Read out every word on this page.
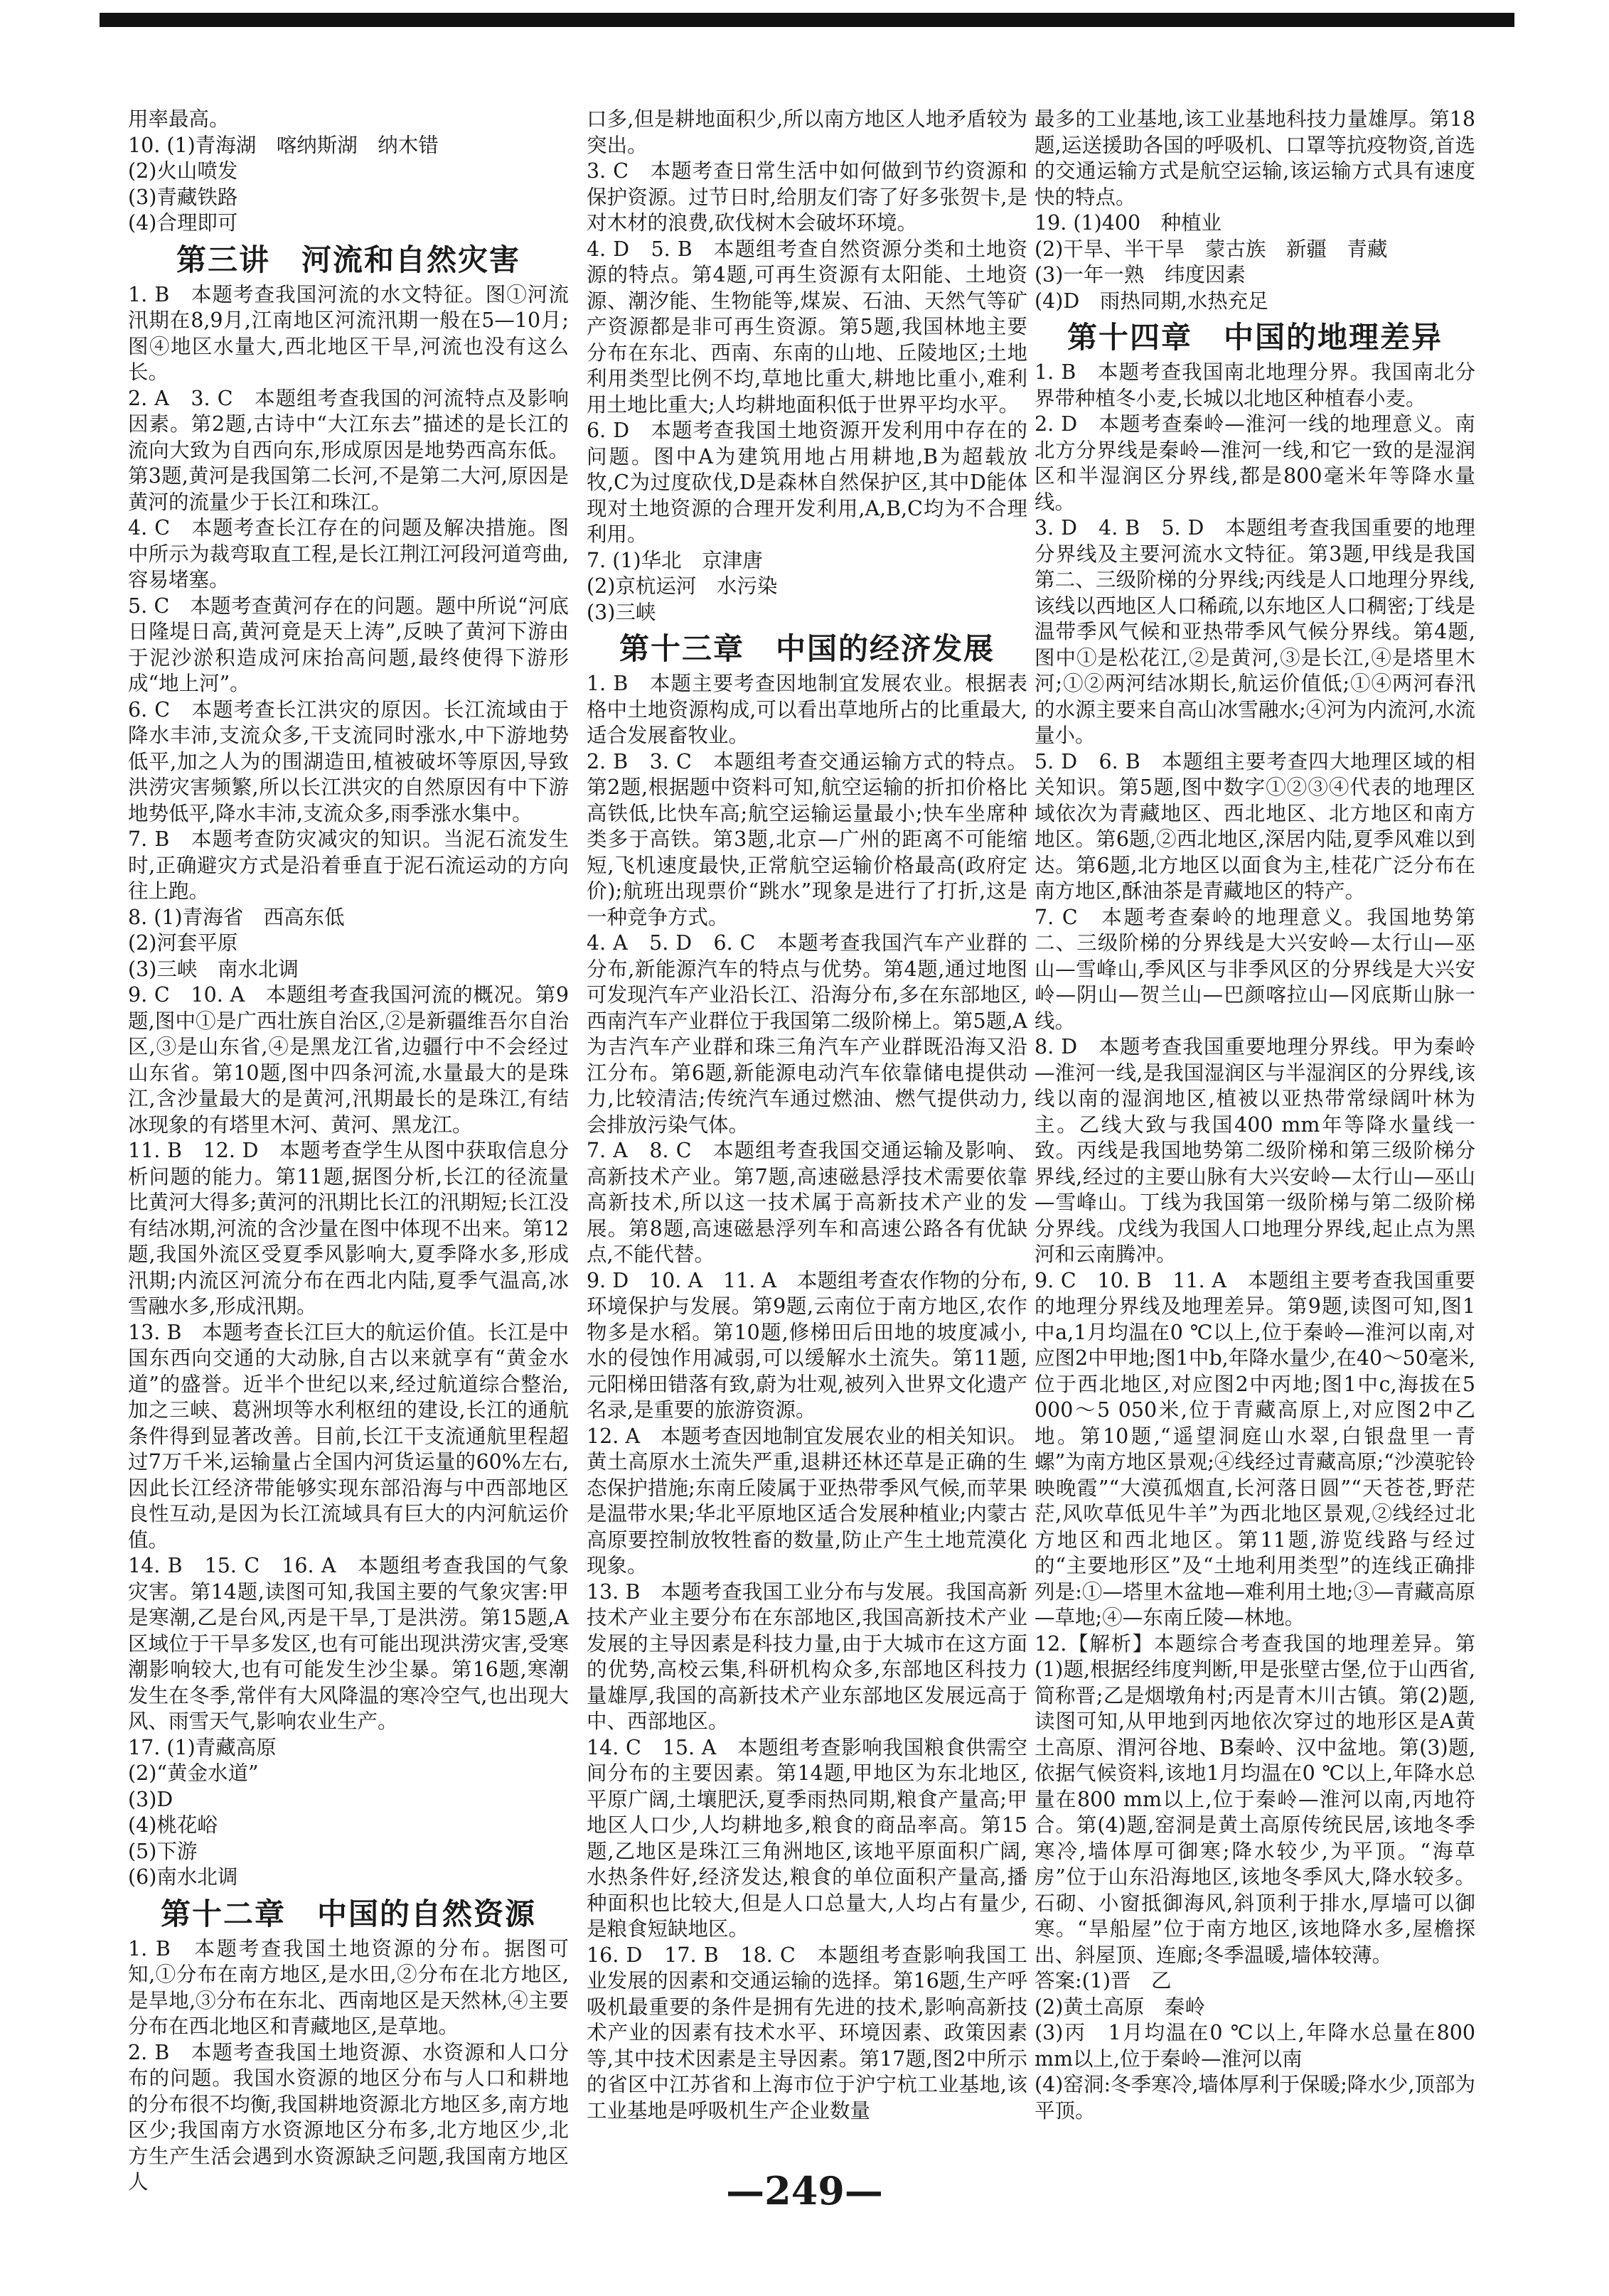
用率最高。

10. (1)青海湖　喀纳斯湖　纳木错

(2)火山喷发

(3)青藏铁路

(4)合理即可

第三讲　河流和自然灾害

1. B　本题考查我国河流的水文特征。图①河流汛期在8,9月,江南地区河流汛期一般在5—10月;图④地区水量大,西北地区干旱,河流也没有这么长。

2. A　3. C　本题组考查我国的河流特点及影响因素。第2题,古诗中“大江东去”描述的是长江的流向大致为自西向东,形成原因是地势西高东低。第3题,黄河是我国第二长河,不是第二大河,原因是黄河的流量少于长江和珠江。

4. C　本题考查长江存在的问题及解决措施。图中所示为裁弯取直工程,是长江荆江河段河道弯曲,容易堵塞。

5. C　本题考查黄河存在的问题。题中所说“河底日隆堤日高,黄河竟是天上涛”,反映了黄河下游由于泥沙淤积造成河床抬高问题,最终使得下游形成“地上河”。

6. C　本题考查长江洪灾的原因。长江流域由于降水丰沛,支流众多,干支流同时涨水,中下游地势低平,加之人为的围湖造田,植被破坏等原因,导致洪涝灾害频繁,所以长江洪灾的自然原因有中下游地势低平,降水丰沛,支流众多,雨季涨水集中。

7. B　本题考查防灾减灾的知识。当泥石流发生时,正确避灾方式是沿着垂直于泥石流运动的方向往上跑。

8. (1)青海省　西高东低

(2)河套平原

(3)三峡　南水北调

9. C　10. A　本题组考查我国河流的概况。第9题,图中①是广西壮族自治区,②是新疆维吾尔自治区,③是山东省,④是黑龙江省,边疆行中不会经过山东省。第10题,图中四条河流,水量最大的是珠江,含沙量最大的是黄河,汛期最长的是珠江,有结冰现象的有塔里木河、黄河、黑龙江。

11. B　12. D　本题考查学生从图中获取信息分析问题的能力。第11题,据图分析,长江的径流量比黄河大得多;黄河的汛期比长江的汛期短;长江没有结冰期,河流的含沙量在图中体现不出来。第12题,我国外流区受夏季风影响大,夏季降水多,形成汛期;内流区河流分布在西北内陆,夏季气温高,冰雪融水多,形成汛期。

13. B　本题考查长江巨大的航运价值。长江是中国东西向交通的大动脉,自古以来就享有“黄金水道”的盛誉。近半个世纪以来,经过航道综合整治,加之三峡、葛洲坝等水利枢纽的建设,长江的通航条件得到显著改善。目前,长江干支流通航里程超过7万千米,运输量占全国内河货运量的60%左右,因此长江经济带能够实现东部沿海与中西部地区良性互动,是因为长江流域具有巨大的内河航运价值。

14. B　15. C　16. A　本题组考查我国的气象灾害。第14题,读图可知,我国主要的气象灾害:甲是寒潮,乙是台风,丙是干旱,丁是洪涝。第15题,A区域位于干旱多发区,也有可能出现洪涝灾害,受寒潮影响较大,也有可能发生沙尘暴。第16题,寒潮发生在冬季,常伴有大风降温的寒冷空气,也出现大风、雨雪天气,影响农业生产。

17. (1)青藏高原

(2)“黄金水道”

(3)D

(4)桃花峪

(5)下游

(6)南水北调

第十二章　中国的自然资源

1. B　本题考查我国土地资源的分布。据图可知,①分布在南方地区,是水田,②分布在北方地区,是旱地,③分布在东北、西南地区是天然林,④主要分布在西北地区和青藏地区,是草地。

2. B　本题考查我国土地资源、水资源和人口分布的问题。我国水资源的地区分布与人口和耕地的分布很不均衡,我国耕地资源北方地区多,南方地区少;我国南方水资源地区分布多,北方地区少,北方生产生活会遇到水资源缺乏问题,我国南方地区人

口多,但是耕地面积少,所以南方地区人地矛盾较为突出。

3. C　本题考查日常生活中如何做到节约资源和保护资源。过节日时,给朋友们寄了好多张贺卡,是对木材的浪费,砍伐树木会破坏环境。

4. D　5. B　本题组考查自然资源分类和土地资源的特点。第4题,可再生资源有太阳能、土地资源、潮汐能、生物能等,煤炭、石油、天然气等矿产资源都是非可再生资源。第5题,我国林地主要分布在东北、西南、东南的山地、丘陵地区;土地利用类型比例不均,草地比重大,耕地比重小,难利用土地比重大;人均耕地面积低于世界平均水平。

6. D　本题考查我国土地资源开发利用中存在的问题。图中A为建筑用地占用耕地,B为超载放牧,C为过度砍伐,D是森林自然保护区,其中D能体现对土地资源的合理开发利用,A,B,C均为不合理利用。

7. (1)华北　京津唐

(2)京杭运河　水污染

(3)三峡

第十三章　中国的经济发展

1. B　本题主要考查因地制宜发展农业。根据表格中土地资源构成,可以看出草地所占的比重最大,适合发展畜牧业。

2. B　3. C　本题组考查交通运输方式的特点。第2题,根据题中资料可知,航空运输的折扣价格比高铁低,比快车高;航空运输运量最小;快车坐席种类多于高铁。第3题,北京—广州的距离不可能缩短,飞机速度最快,正常航空运输价格最高(政府定价);航班出现票价“跳水”现象是进行了打折,这是一种竞争方式。

4. A　5. D　6. C　本题考查我国汽车产业群的分布,新能源汽车的特点与优势。第4题,通过地图可发现汽车产业沿长江、沿海分布,多在东部地区,西南汽车产业群位于我国第二级阶梯上。第5题,A为吉汽车产业群和珠三角汽车产业群既沿海又沿江分布。第6题,新能源电动汽车依靠储电提供动力,比较清洁;传统汽车通过燃油、燃气提供动力,会排放污染气体。

7. A　8. C　本题组考查我国交通运输及影响、高新技术产业。第7题,高速磁悬浮技术需要依靠高新技术,所以这一技术属于高新技术产业的发展。第8题,高速磁悬浮列车和高速公路各有优缺点,不能代替。

9. D　10. A　11. A　本题组考查农作物的分布,环境保护与发展。第9题,云南位于南方地区,农作物多是水稻。第10题,修梯田后田地的坡度减小,水的侵蚀作用减弱,可以缓解水土流失。第11题,元阳梯田错落有致,蔚为壮观,被列入世界文化遗产名录,是重要的旅游资源。

12. A　本题考查因地制宜发展农业的相关知识。黄土高原水土流失严重,退耕还林还草是正确的生态保护措施;东南丘陵属于亚热带季风气候,而苹果是温带水果;华北平原地区适合发展种植业;内蒙古高原要控制放牧牲畜的数量,防止产生土地荒漠化现象。

13. B　本题考查我国工业分布与发展。我国高新技术产业主要分布在东部地区,我国高新技术产业发展的主导因素是科技力量,由于大城市在这方面的优势,高校云集,科研机构众多,东部地区科技力量雄厚,我国的高新技术产业东部地区发展远高于中、西部地区。

14. C　15. A　本题组考查影响我国粮食供需空间分布的主要因素。第14题,甲地区为东北地区,平原广阔,土壤肥沃,夏季雨热同期,粮食产量高;甲地区人口少,人均耕地多,粮食的商品率高。第15题,乙地区是珠江三角洲地区,该地平原面积广阔,水热条件好,经济发达,粮食的单位面积产量高,播种面积也比较大,但是人口总量大,人均占有量少,是粮食短缺地区。

16. D　17. B　18. C　本题组考查影响我国工业发展的因素和交通运输的选择。第16题,生产呼吸机最重要的条件是拥有先进的技术,影响高新技术产业的因素有技术水平、环境因素、政策因素等,其中技术因素是主导因素。第17题,图2中所示的省区中江苏省和上海市位于沪宁杭工业基地,该工业基地是呼吸机生产企业数量

最多的工业基地,该工业基地科技力量雄厚。第18题,运送援助各国的呼吸机、口罩等抗疫物资,首选的交通运输方式是航空运输,该运输方式具有速度快的特点。

19. (1)400　种植业

(2)干旱、半干旱　蒙古族　新疆　青藏

(3)一年一熟　纬度因素

(4)D　雨热同期,水热充足

第十四章　中国的地理差异

1. B　本题考查我国南北地理分界。我国南北分界带种植冬小麦,长城以北地区种植春小麦。

2. D　本题考查秦岭—淮河一线的地理意义。南北方分界线是秦岭—淮河一线,和它一致的是湿润区和半湿润区分界线,都是800毫米年等降水量线。

3. D　4. B　5. D　本题组考查我国重要的地理分界线及主要河流水文特征。第3题,甲线是我国第二、三级阶梯的分界线;丙线是人口地理分界线,该线以西地区人口稀疏,以东地区人口稠密;丁线是温带季风气候和亚热带季风气候分界线。第4题,图中①是松花江,②是黄河,③是长江,④是塔里木河;①②两河结冰期长,航运价值低;①④两河春汛的水源主要来自高山冰雪融水;④河为内流河,水流量小。

5. D　6. B　本题组主要考查四大地理区域的相关知识。第5题,图中数字①②③④代表的地理区域依次为青藏地区、西北地区、北方地区和南方地区。第6题,②西北地区,深居内陆,夏季风难以到达。第6题,北方地区以面食为主,桂花广泛分布在南方地区,酥油茶是青藏地区的特产。

7. C　本题考查秦岭的地理意义。我国地势第二、三级阶梯的分界线是大兴安岭—太行山—巫山—雪峰山,季风区与非季风区的分界线是大兴安岭—阴山—贺兰山—巴颜喀拉山—冈底斯山脉一线。

8. D　本题考查我国重要地理分界线。甲为秦岭—淮河一线,是我国湿润区与半湿润区的分界线,该线以南的湿润地区,植被以亚热带常绿阔叶林为主。乙线大致与我国400 mm年等降水量线一致。丙线是我国地势第二级阶梯和第三级阶梯分界线,经过的主要山脉有大兴安岭—太行山—巫山—雪峰山。丁线为我国第一级阶梯与第二级阶梯分界线。戊线为我国人口地理分界线,起止点为黑河和云南腾冲。

9. C　10. B　11. A　本题组主要考查我国重要的地理分界线及地理差异。第9题,读图可知,图1中a,1月均温在0 ℃以上,位于秦岭—淮河以南,对应图2中甲地;图1中b,年降水量少,在40～50毫米,位于西北地区,对应图2中丙地;图1中c,海拔在5 000～5 050米,位于青藏高原上,对应图2中乙地。第10题,“遥望洞庭山水翠,白银盘里一青螺”为南方地区景观;④线经过青藏高原;“沙漠驼铃映晚霞”“大漠孤烟直,长河落日圆”“天苍苍,野茫茫,风吹草低见牛羊”为西北地区景观,②线经过北方地区和西北地区。第11题,游览线路与经过的“主要地形区”及“土地利用类型”的连线正确排列是:①—塔里木盆地—难利用土地;③—青藏高原—草地;④—东南丘陵—林地。

12.【解析】本题综合考查我国的地理差异。第(1)题,根据经纬度判断,甲是张壁古堡,位于山西省,简称晋;乙是烟墩角村;丙是青木川古镇。第(2)题,读图可知,从甲地到丙地依次穿过的地形区是A黄土高原、渭河谷地、B秦岭、汉中盆地。第(3)题,依据气候资料,该地1月均温在0 ℃以上,年降水总量在800 mm以上,位于秦岭—淮河以南,丙地符合。第(4)题,窑洞是黄土高原传统民居,该地冬季寒冷,墙体厚可御寒;降水较少,为平顶。“海草房”位于山东沿海地区,该地冬季风大,降水较多。石砌、小窗抵御海风,斜顶利于排水,厚墙可以御寒。“旱船屋”位于南方地区,该地降水多,屋檐探出、斜屋顶、连廊;冬季温暖,墙体较薄。

答案:(1)晋　乙

(2)黄土高原　秦岭

(3)丙　1月均温在0 ℃以上,年降水总量在800 mm以上,位于秦岭—淮河以南

(4)窑洞:冬季寒冷,墙体厚利于保暖;降水少,顶部为平顶。

—249—
